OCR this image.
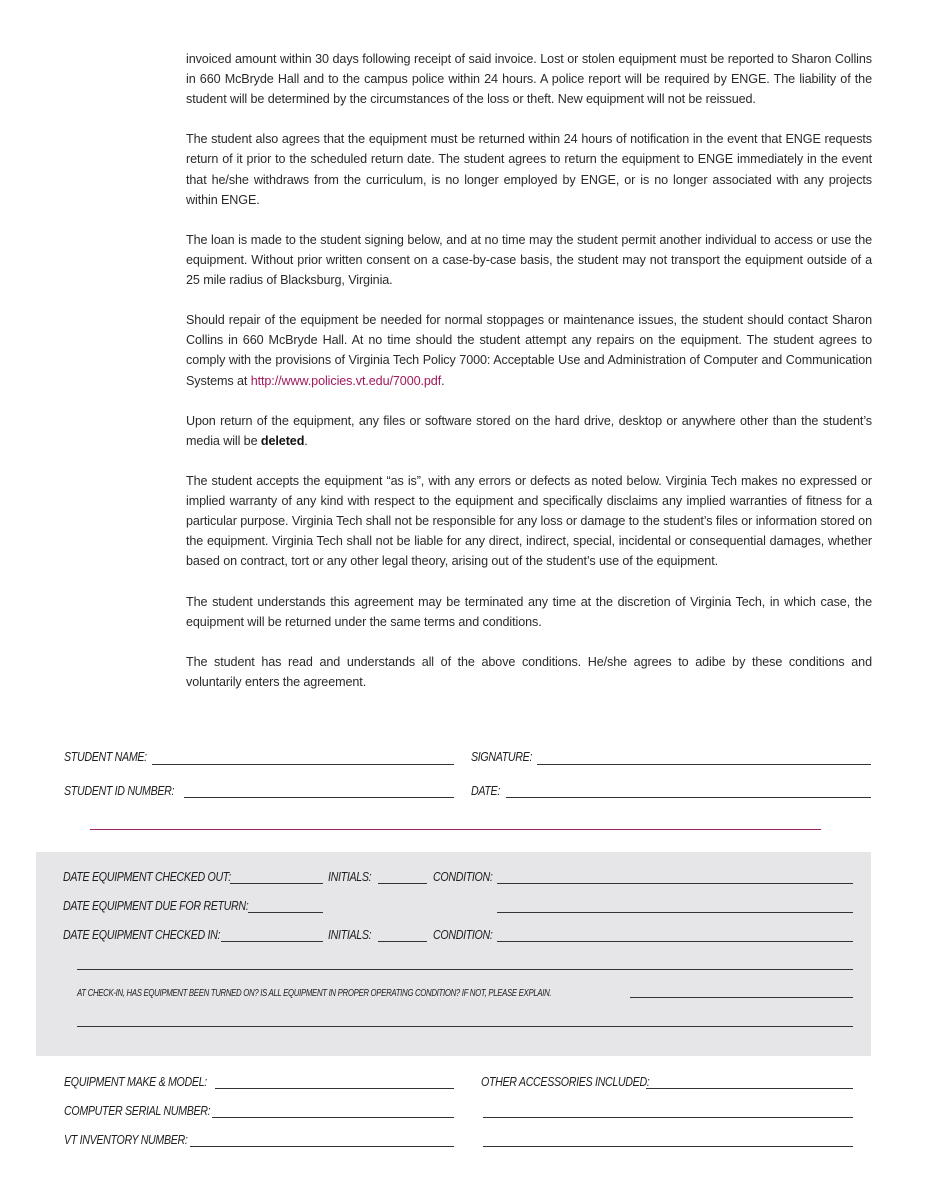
invoiced amount within 30 days following receipt of said invoice. Lost or stolen equipment must be reported to Sharon Collins in 660 McBryde Hall and to the campus police within 24 hours. A police report will be required by ENGE. The liability of the student will be determined by the circumstances of the loss or theft. New equipment will not be reissued.

The student also agrees that the equipment must be returned within 24 hours of notification in the event that ENGE requests return of it prior to the scheduled return date. The student agrees to return the equipment to ENGE immediately in the event that he/she withdraws from the curriculum, is no longer employed by ENGE, or is no longer associated with any projects within ENGE.

The loan is made to the student signing below, and at no time may the student permit another individual to access or use the equipment. Without prior written consent on a case-by-case basis, the student may not transport the equipment outside of a 25 mile radius of Blacksburg, Virginia.

Should repair of the equipment be needed for normal stoppages or maintenance issues, the student should contact Sharon Collins in 660 McBryde Hall. At no time should the student attempt any repairs on the equipment. The student agrees to comply with the provisions of Virginia Tech Policy 7000: Acceptable Use and Administration of Computer and Communication Systems at http://www.policies.vt.edu/7000.pdf.

Upon return of the equipment, any files or software stored on the hard drive, desktop or anywhere other than the student’s media will be deleted.

The student accepts the equipment “as is”, with any errors or defects as noted below. Virginia Tech makes no expressed or implied warranty of any kind with respect to the equipment and specifically disclaims any implied warranties of fitness for a particular purpose. Virginia Tech shall not be responsible for any loss or damage to the student’s files or information stored on the equipment. Virginia Tech shall not be liable for any direct, indirect, special, incidental or consequential damages, whether based on contract, tort or any other legal theory, arising out of the student’s use of the equipment.

The student understands this agreement may be terminated any time at the discretion of Virginia Tech, in which case, the equipment will be returned under the same terms and conditions.

The student has read and understands all of the above conditions. He/she agrees to adibe by these conditions and voluntarily enters the agreement.

STUDENT NAME:	SIGNATURE:
STUDENT ID NUMBER:	DATE:
DATE EQUIPMENT CHECKED OUT:	INITIALS:	CONDITION:
DATE EQUIPMENT DUE FOR RETURN:
DATE EQUIPMENT CHECKED IN:	INITIALS:	CONDITION:
AT CHECK-IN, HAS EQUIPMENT BEEN TURNED ON? IS ALL EQUIPMENT IN PROPER OPERATING CONDITION? IF NOT, PLEASE EXPLAIN.
EQUIPMENT MAKE & MODEL:	OTHER ACCESSORIES INCLUDED:
COMPUTER SERIAL NUMBER:
VT INVENTORY NUMBER:
